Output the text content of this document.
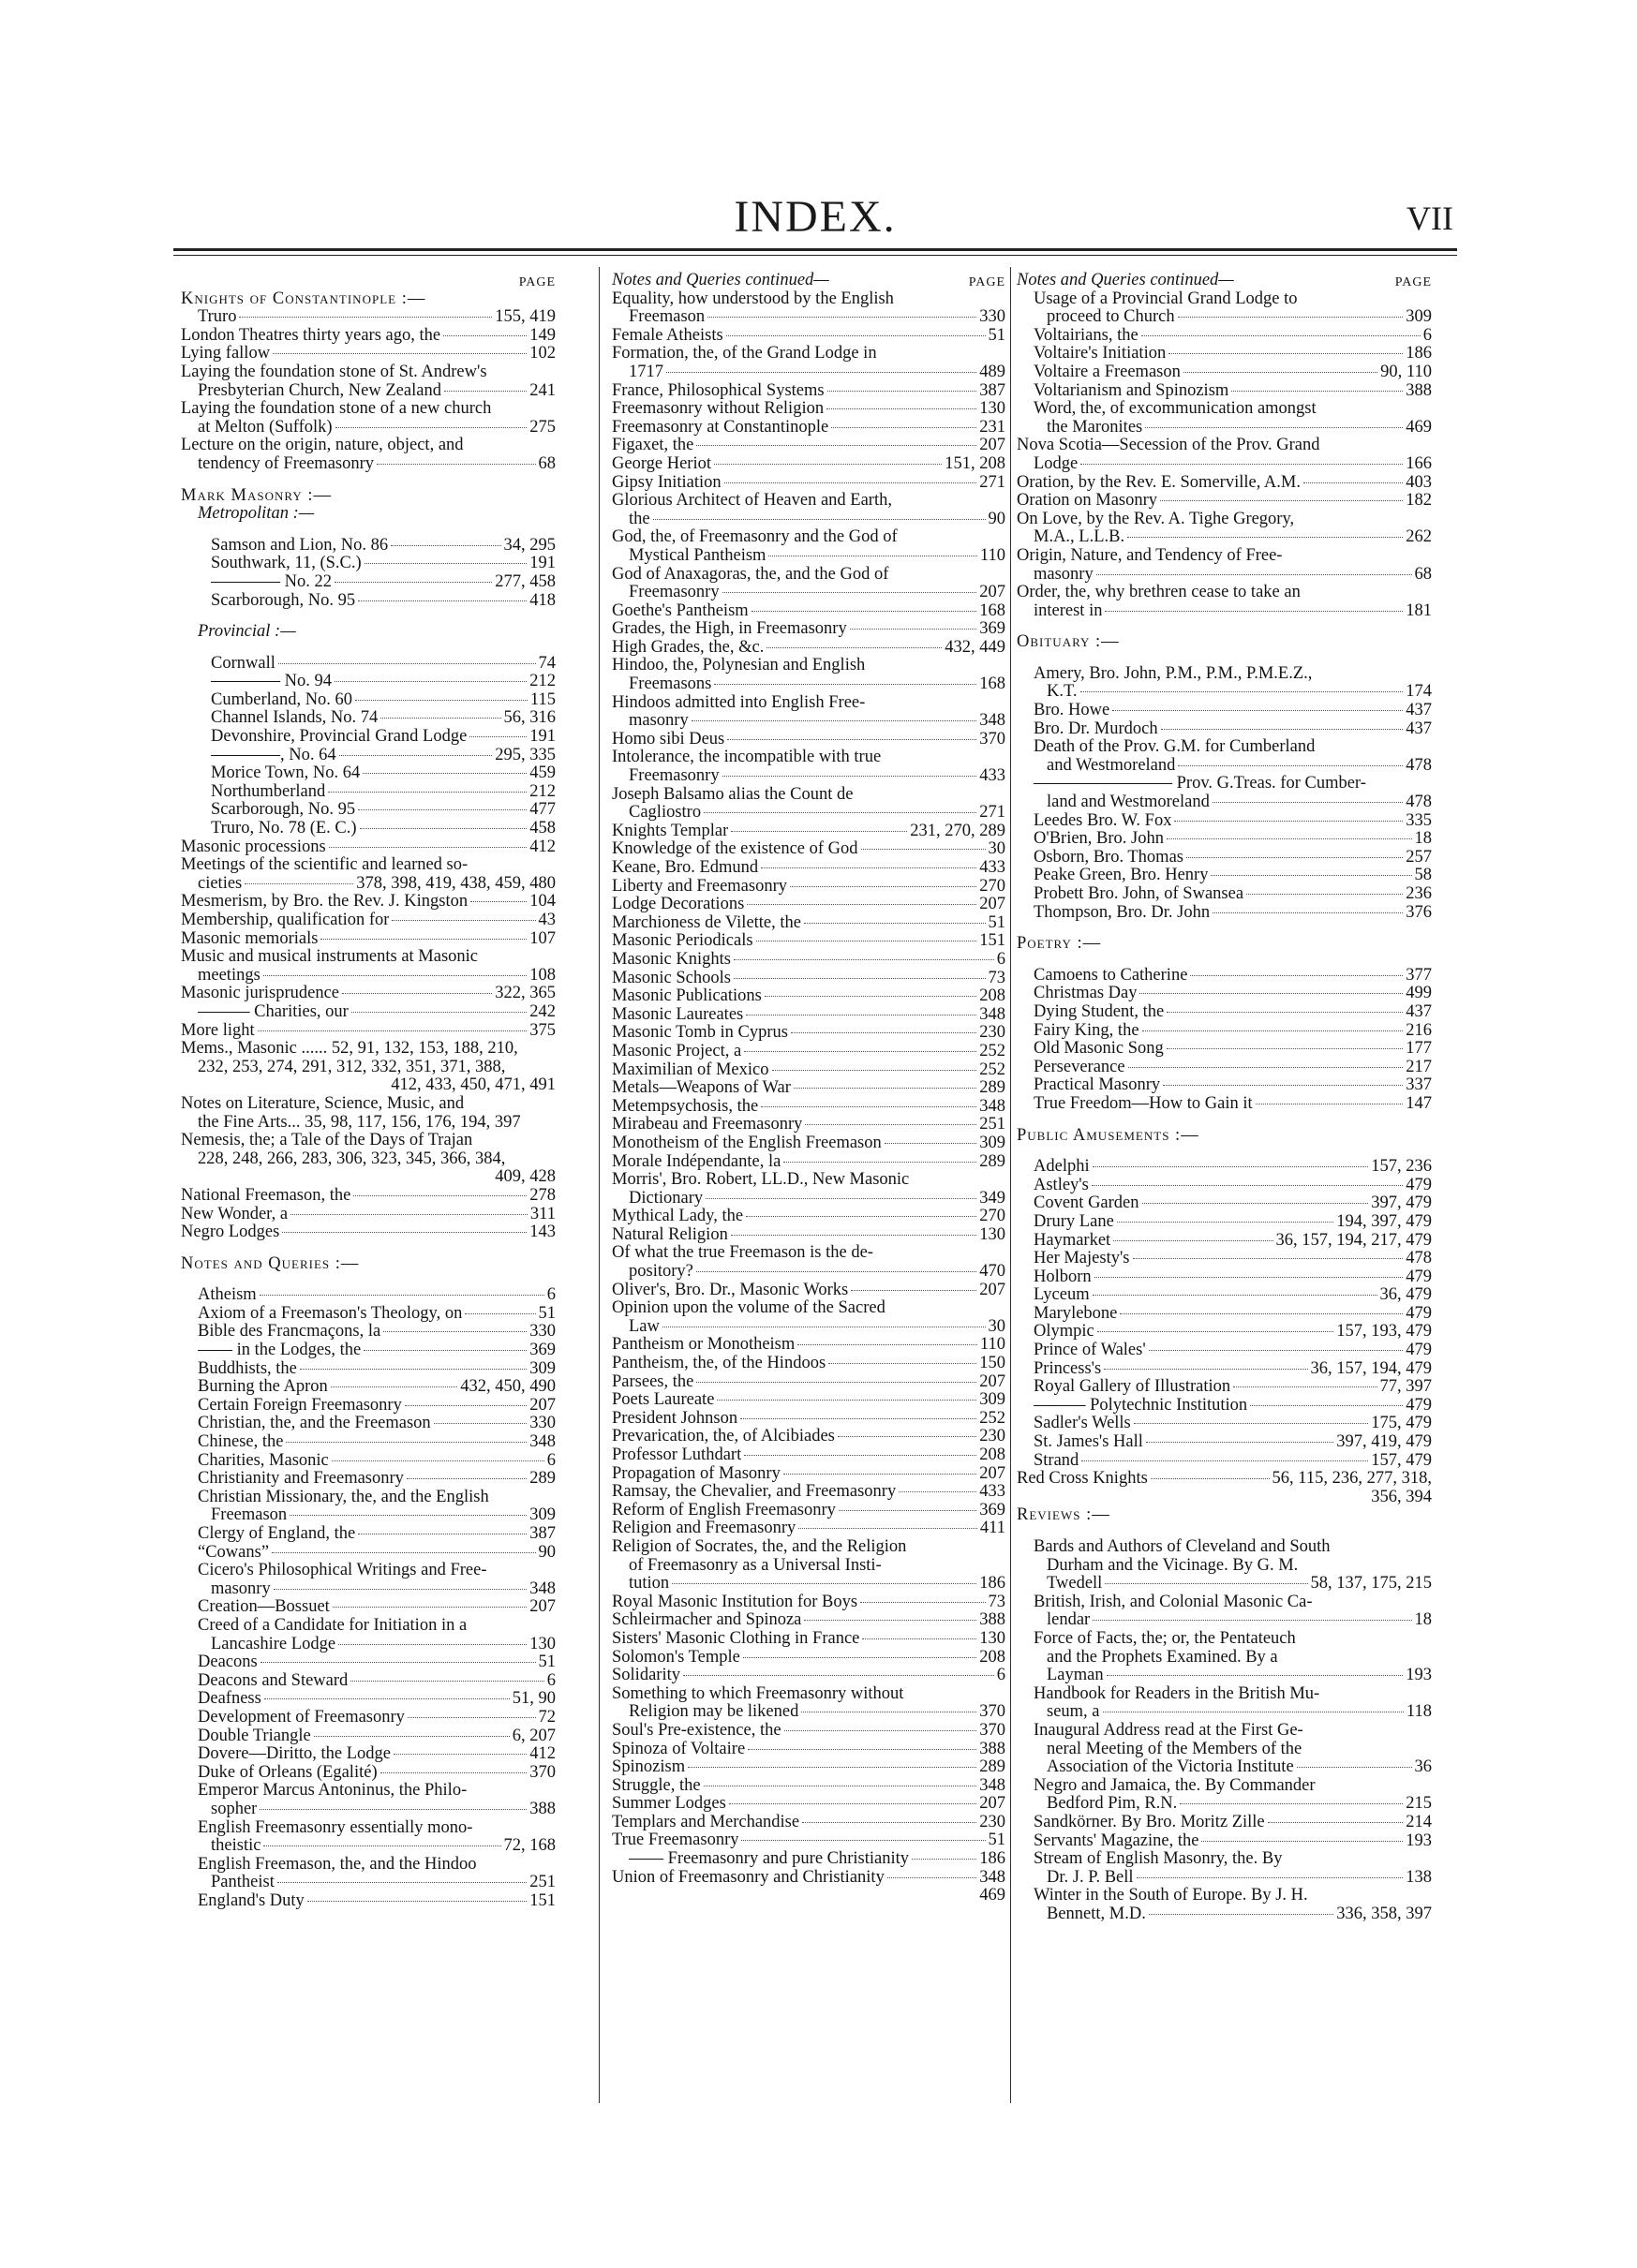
INDEX.	VII
PAGE
Knights of Constantinople :—
Truro	155, 419
London Theatres thirty years ago, the	149
Lying fallow	102
Laying the foundation stone of St. Andrew's
Presbyterian Church, New Zealand	241
Laying the foundation stone of a new church
at Melton (Suffolk)	275
Lecture on the origin, nature, object, and
tendency of Freemasonry	68
Mark Masonry :—
Metropolitan :—
Samson and Lion, No. 86	34, 295
Southwark, 11, (S.C.)	191
———— No. 22	277, 458
Scarborough, No. 95	418
Provincial :—
Cornwall	74
———— No. 94	212
Cumberland, No. 60	115
Channel Islands, No. 74	56, 316
Devonshire, Provincial Grand Lodge	191
————, No. 64	295, 335
Morice Town, No. 64	459
Northumberland	212
Scarborough, No. 95	477
Truro, No. 78 (E. C.)	458
Masonic processions	412
Meetings of the scientific and learned so-
cieties	378, 398, 419, 438, 459, 480
Mesmerism, by Bro. the Rev. J. Kingston	104
Membership, qualification for	43
Masonic memorials	107
Music and musical instruments at Masonic
meetings	108
Masonic jurisprudence	322, 365
——— Charities, our	242
More light	375
Mems., Masonic ...... 52, 91, 132, 153, 188, 210,
232, 253, 274, 291, 312, 332, 351, 371, 388,
412, 433, 450, 471, 491
Notes on Literature, Science, Music, and
the Fine Arts... 35, 98, 117, 156, 176, 194, 397
Nemesis, the; a Tale of the Days of Trajan
228, 248, 266, 283, 306, 323, 345, 366, 384,
409, 428
National Freemason, the	278
New Wonder, a	311
Negro Lodges	143
Notes and Queries :—
Atheism	6
Axiom of a Freemason's Theology, on	51
Bible des Francmaçons, la	330
—— in the Lodges, the	369
Buddhists, the	309
Burning the Apron	432, 450, 490
Certain Foreign Freemasonry	207
Christian, the, and the Freemason	330
Chinese, the	348
Charities, Masonic	6
Christianity and Freemasonry	289
Christian Missionary, the, and the English
Freemason	309
Clergy of England, the	387
“Cowans”	90
Cicero's Philosophical Writings and Free-
masonry	348
Creation—Bossuet	207
Creed of a Candidate for Initiation in a
Lancashire Lodge	130
Deacons	51
Deacons and Steward	6
Deafness	51, 90
Development of Freemasonry	72
Double Triangle	6, 207
Dovere—Diritto, the Lodge	412
Duke of Orleans (Egalité)	370
Emperor Marcus Antoninus, the Philo-
sopher	388
English Freemasonry essentially mono-
theistic	72, 168
English Freemason, the, and the Hindoo
Pantheist	251
England's Duty	151
Notes and Queries continued—	PAGE
Equality, how understood by the English
Freemason	330
Female Atheists	51
Formation, the, of the Grand Lodge in
1717	489
France, Philosophical Systems	387
Freemasonry without Religion	130
Freemasonry at Constantinople	231
Figaxet, the	207
George Heriot	151, 208
Gipsy Initiation	271
Glorious Architect of Heaven and Earth,
the	90
God, the, of Freemasonry and the God of
Mystical Pantheism	110
God of Anaxagoras, the, and the God of
Freemasonry	207
Goethe's Pantheism	168
Grades, the High, in Freemasonry	369
High Grades, the, &c.	432, 449
Hindoo, the, Polynesian and English
Freemasons	168
Hindoos admitted into English Free-
masonry	348
Homo sibi Deus	370
Intolerance, the incompatible with true
Freemasonry	433
Joseph Balsamo alias the Count de
Cagliostro	271
Knights Templar	231, 270, 289
Knowledge of the existence of God	30
Keane, Bro. Edmund	433
Liberty and Freemasonry	270
Lodge Decorations	207
Marchioness de Vilette, the	51
Masonic Periodicals	151
Masonic Knights	6
Masonic Schools	73
Masonic Publications	208
Masonic Laureates	348
Masonic Tomb in Cyprus	230
Masonic Project, a	252
Maximilian of Mexico	252
Metals—Weapons of War	289
Metempsychosis, the	348
Mirabeau and Freemasonry	251
Monotheism of the English Freemason	309
Morale Indépendante, la	289
Morris', Bro. Robert, LL.D., New Masonic
Dictionary	349
Mythical Lady, the	270
Natural Religion	130
Of what the true Freemason is the de-
pository?	470
Oliver's, Bro. Dr., Masonic Works	207
Opinion upon the volume of the Sacred
Law	30
Pantheism or Monotheism	110
Pantheism, the, of the Hindoos	150
Parsees, the	207
Poets Laureate	309
President Johnson	252
Prevarication, the, of Alcibiades	230
Professor Luthdart	208
Propagation of Masonry	207
Ramsay, the Chevalier, and Freemasonry	433
Reform of English Freemasonry	369
Religion and Freemasonry	411
Religion of Socrates, the, and the Religion
of Freemasonry as a Universal Insti-
tution	186
Royal Masonic Institution for Boys	73
Schleirmacher and Spinoza	388
Sisters' Masonic Clothing in France	130
Solomon's Temple	208
Solidarity	6
Something to which Freemasonry without
Religion may be likened	370
Soul's Pre-existence, the	370
Spinoza of Voltaire	388
Spinozism	289
Struggle, the	348
Summer Lodges	207
Templars and Merchandise	230
True Freemasonry	51
—— Freemasonry and pure Christianity	186
Union of Freemasonry and Christianity	348
469
Notes and Queries continued—	PAGE
Usage of a Provincial Grand Lodge to
proceed to Church	309
Voltairians, the	6
Voltaire's Initiation	186
Voltaire a Freemason	90, 110
Voltarianism and Spinozism	388
Word, the, of excommunication amongst
the Maronites	469
Nova Scotia—Secession of the Prov. Grand
Lodge	166
Oration, by the Rev. E. Somerville, A.M.	403
Oration on Masonry	182
On Love, by the Rev. A. Tighe Gregory,
M.A., L.L.B.	262
Origin, Nature, and Tendency of Free-
masonry	68
Order, the, why brethren cease to take an
interest in	181
Obituary :—
Amery, Bro. John, P.M., P.M., P.M.E.Z.,
K.T.	174
Bro. Howe	437
Bro. Dr. Murdoch	437
Death of the Prov. G.M. for Cumberland
and Westmoreland	478
———————— Prov. G.Treas. for Cumber-
land and Westmoreland	478
Leedes Bro. W. Fox	335
O'Brien, Bro. John	18
Osborn, Bro. Thomas	257
Peake Green, Bro. Henry	58
Probett Bro. John, of Swansea	236
Thompson, Bro. Dr. John	376
Poetry :—
Camoens to Catherine	377
Christmas Day	499
Dying Student, the	437
Fairy King, the	216
Old Masonic Song	177
Perseverance	217
Practical Masonry	337
True Freedom—How to Gain it	147
Public Amusements :—
Adelphi	157, 236
Astley's	479
Covent Garden	397, 479
Drury Lane	194, 397, 479
Haymarket	36, 157, 194, 217, 479
Her Majesty's	478
Holborn	479
Lyceum	36, 479
Marylebone	479
Olympic	157, 193, 479
Prince of Wales'	479
Princess's	36, 157, 194, 479
Royal Gallery of Illustration	77, 397
——— Polytechnic Institution	479
Sadler's Wells	175, 479
St. James's Hall	397, 419, 479
Strand	157, 479
Red Cross Knights	56, 115, 236, 277, 318,
356, 394
Reviews :—
Bards and Authors of Cleveland and South
Durham and the Vicinage. By G. M.
Twedell	58, 137, 175, 215
British, Irish, and Colonial Masonic Ca-
lendar	18
Force of Facts, the; or, the Pentateuch
and the Prophets Examined. By a
Layman	193
Handbook for Readers in the British Mu-
seum, a	118
Inaugural Address read at the First Ge-
neral Meeting of the Members of the
Association of the Victoria Institute	36
Negro and Jamaica, the. By Commander
Bedford Pim, R.N.	215
Sandkörner. By Bro. Moritz Zille	214
Servants' Magazine, the	193
Stream of English Masonry, the. By
Dr. J. P. Bell	138
Winter in the South of Europe. By J. H.
Bennett, M.D.	336, 358, 397
